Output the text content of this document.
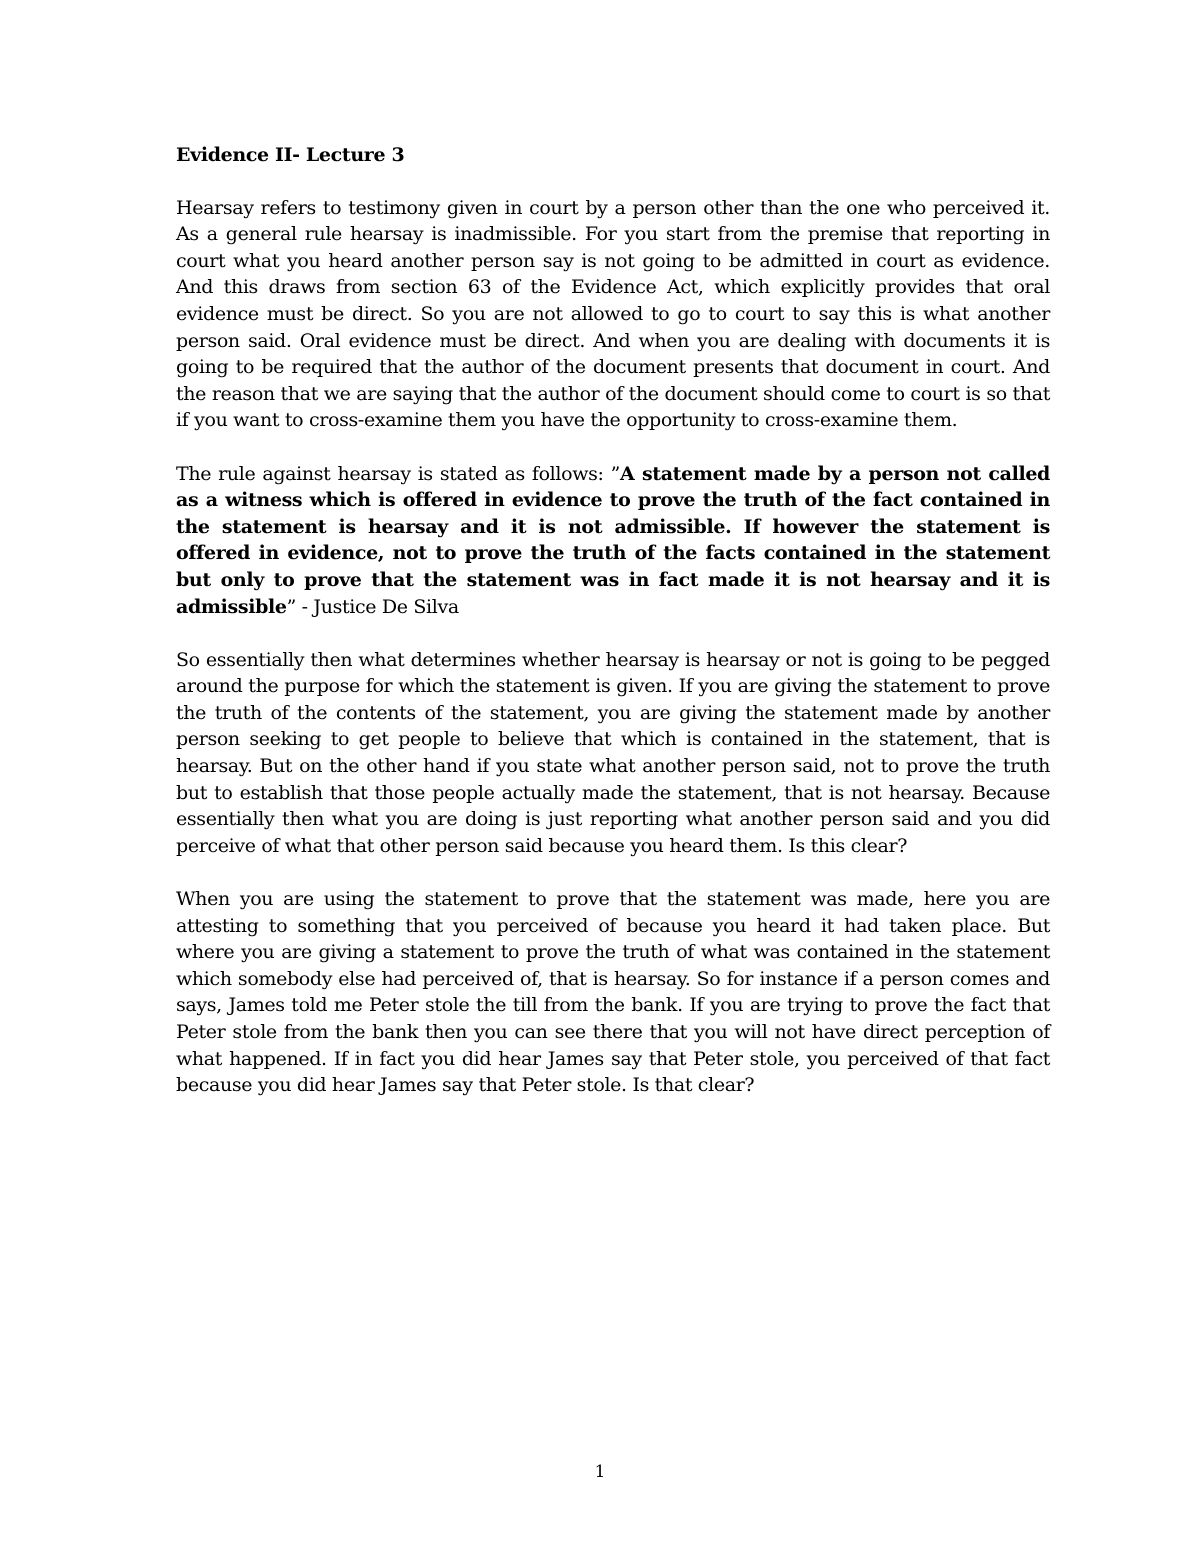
Evidence II- Lecture 3

Hearsay refers to testimony given in court by a person other than the one who perceived it. As a general rule hearsay is inadmissible. For you start from the premise that reporting in court what you heard another person say is not going to be admitted in court as evidence. And this draws from section 63 of the Evidence Act, which explicitly provides that oral evidence must be direct. So you are not allowed to go to court to say this is what another person said. Oral evidence must be direct. And when you are dealing with documents it is going to be required that the author of the document presents that document in court. And the reason that we are saying that the author of the document should come to court is so that if you want to cross-examine them you have the opportunity to cross-examine them.

The rule against hearsay is stated as follows: ”A statement made by a person not called as a witness which is offered in evidence to prove the truth of the fact contained in the statement is hearsay and it is not admissible. If however the statement is offered in evidence, not to prove the truth of the facts contained in the statement but only to prove that the statement was in fact made it is not hearsay and it is admissible” - Justice De Silva

So essentially then what determines whether hearsay is hearsay or not is going to be pegged around the purpose for which the statement is given. If you are giving the statement to prove the truth of the contents of the statement, you are giving the statement made by another person seeking to get people to believe that which is contained in the statement, that is hearsay. But on the other hand if you state what another person said, not to prove the truth but to establish that those people actually made the statement, that is not hearsay. Because essentially then what you are doing is just reporting what another person said and you did perceive of what that other person said because you heard them. Is this clear?

When you are using the statement to prove that the statement was made, here you are attesting to something that you perceived of because you heard it had taken place. But where you are giving a statement to prove the truth of what was contained in the statement which somebody else had perceived of, that is hearsay. So for instance if a person comes and says, James told me Peter stole the till from the bank. If you are trying to prove the fact that Peter stole from the bank then you can see there that you will not have direct perception of what happened. If in fact you did hear James say that Peter stole, you perceived of that fact because you did hear James say that Peter stole. Is that clear?

1
